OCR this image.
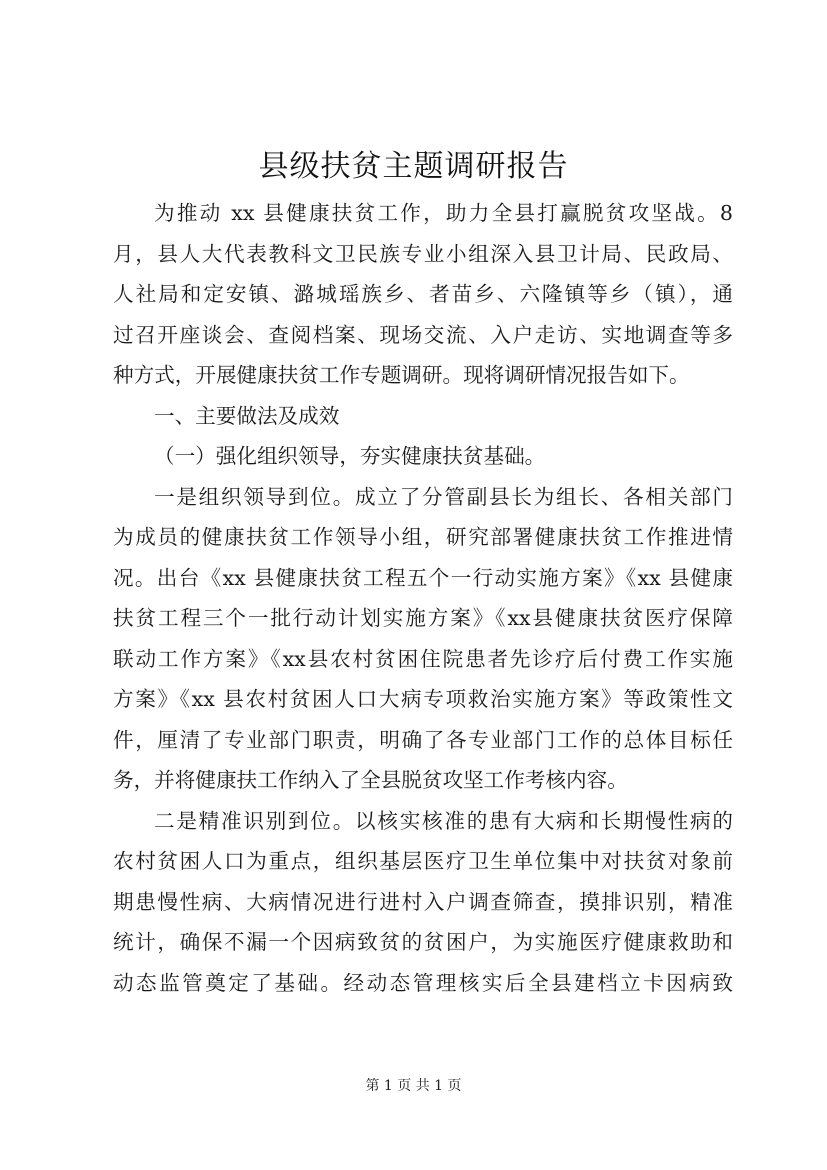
县级扶贫主题调研报告
为推动 xx 县健康扶贫工作，助力全县打赢脱贫攻坚战。8
月，县人大代表教科文卫民族专业小组深入县卫计局、民政局、
人社局和定安镇、潞城瑶族乡、者苗乡、六隆镇等乡（镇），通
过召开座谈会、查阅档案、现场交流、入户走访、实地调查等多
种方式，开展健康扶贫工作专题调研。现将调研情况报告如下。
一、主要做法及成效
（一）强化组织领导，夯实健康扶贫基础。
一是组织领导到位。成立了分管副县长为组长、各相关部门
为成员的健康扶贫工作领导小组，研究部署健康扶贫工作推进情
况。出台《xx 县健康扶贫工程五个一行动实施方案》《xx 县健康
扶贫工程三个一批行动计划实施方案》《xx县健康扶贫医疗保障
联动工作方案》《xx县农村贫困住院患者先诊疗后付费工作实施
方案》《xx 县农村贫困人口大病专项救治实施方案》等政策性文
件，厘清了专业部门职责，明确了各专业部门工作的总体目标任
务，并将健康扶工作纳入了全县脱贫攻坚工作考核内容。
二是精准识别到位。以核实核准的患有大病和长期慢性病的
农村贫困人口为重点，组织基层医疗卫生单位集中对扶贫对象前
期患慢性病、大病情况进行进村入户调查筛查，摸排识别，精准
统计，确保不漏一个因病致贫的贫困户，为实施医疗健康救助和
动态监管奠定了基础。经动态管理核实后全县建档立卡因病致
第 1 页 共 1 页
